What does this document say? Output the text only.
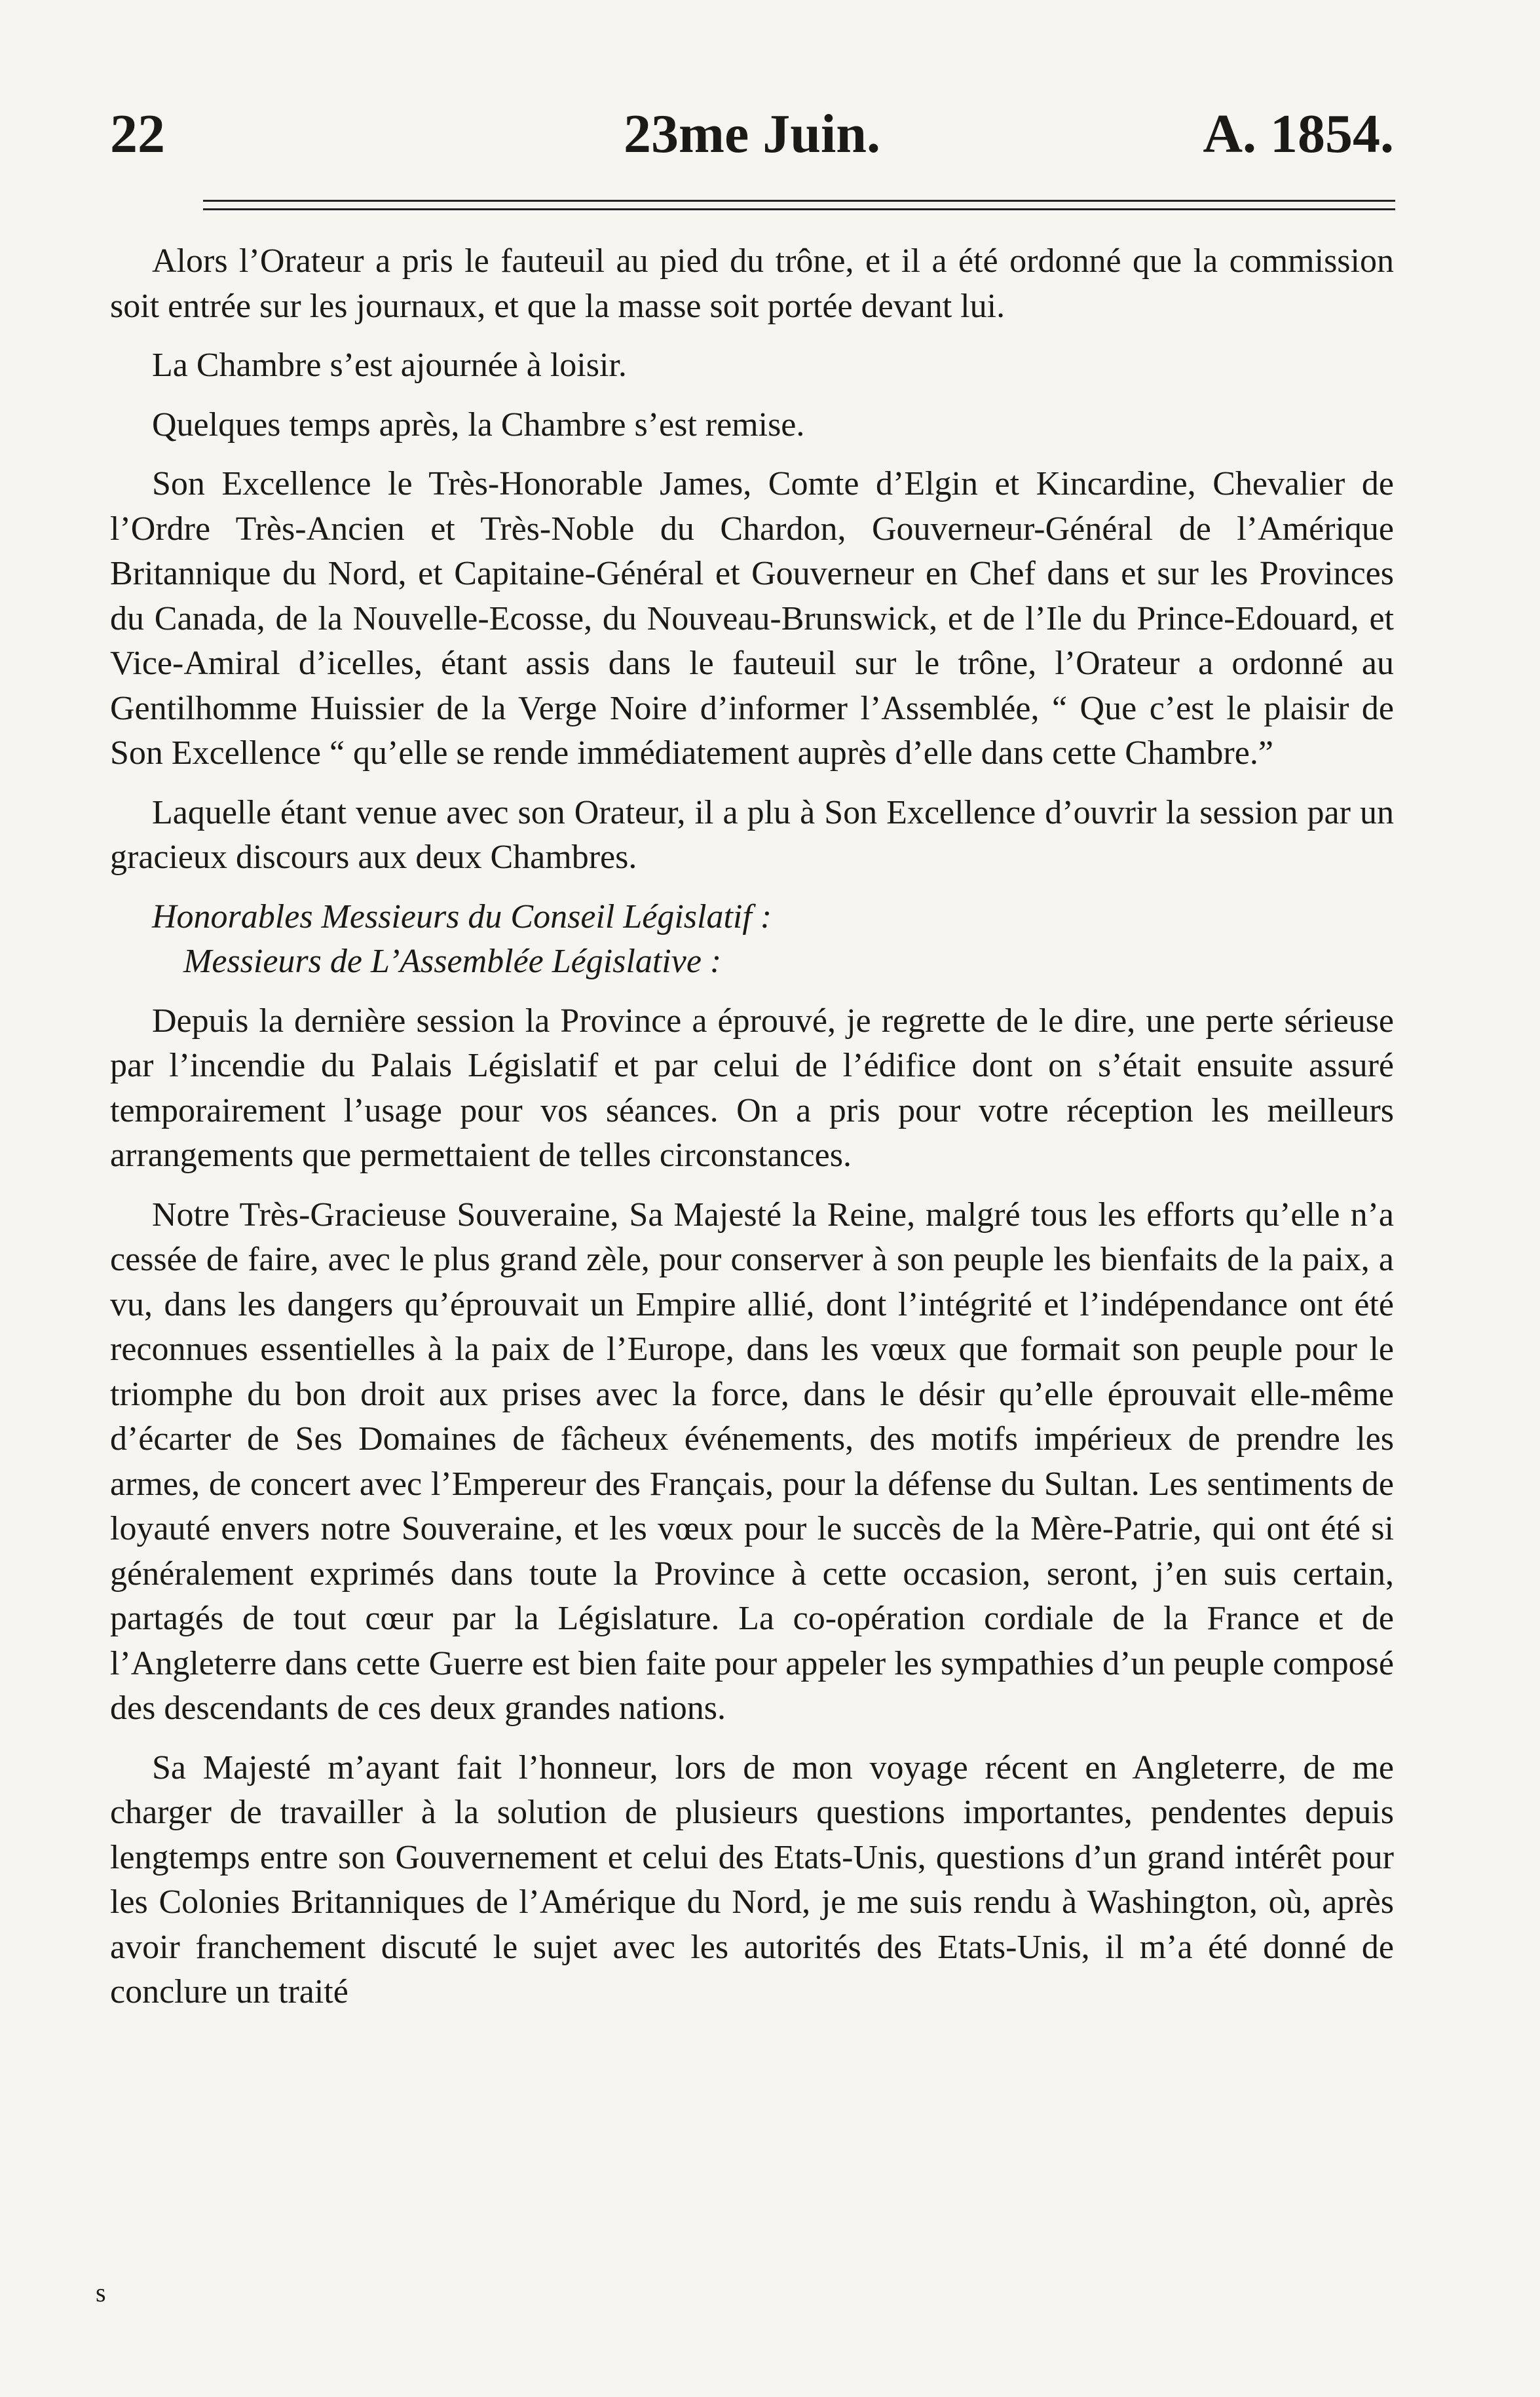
22	23me Juin.	A. 1854.

Alors l’Orateur a pris le fauteuil au pied du trône, et il a été ordonné que la commission soit entrée sur les journaux, et que la masse soit portée devant lui.

La Chambre s’est ajournée à loisir.

Quelques temps après, la Chambre s’est remise.

Son Excellence le Très-Honorable James, Comte d’Elgin et Kincardine, Chevalier de l’Ordre Très-Ancien et Très-Noble du Chardon, Gouverneur-Général de l’Amérique Britannique du Nord, et Capitaine-Général et Gouverneur en Chef dans et sur les Provinces du Canada, de la Nouvelle-Ecosse, du Nouveau-Brunswick, et de l’Ile du Prince-Edouard, et Vice-Amiral d’icelles, étant assis dans le fauteuil sur le trône, l’Orateur a ordonné au Gentilhomme Huissier de la Verge Noire d’informer l’Assemblée, “ Que c’est le plaisir de Son Excellence “ qu’elle se rende immédiatement auprès d’elle dans cette Chambre.”

Laquelle étant venue avec son Orateur, il a plu à Son Excellence d’ouvrir la session par un gracieux discours aux deux Chambres.

Honorables Messieurs du Conseil Législatif :

Messieurs de L’Assemblée Législative :

Depuis la dernière session la Province a éprouvé, je regrette de le dire, une perte sérieuse par l’incendie du Palais Législatif et par celui de l’édifice dont on s’était ensuite assuré temporairement l’usage pour vos séances. On a pris pour votre réception les meilleurs arrangements que permettaient de telles circonstances.

Notre Très-Gracieuse Souveraine, Sa Majesté la Reine, malgré tous les efforts qu’elle n’a cessée de faire, avec le plus grand zèle, pour conserver à son peuple les bienfaits de la paix, a vu, dans les dangers qu’éprouvait un Empire allié, dont l’intégrité et l’indépendance ont été reconnues essentielles à la paix de l’Europe, dans les vœux que formait son peuple pour le triomphe du bon droit aux prises avec la force, dans le désir qu’elle éprouvait elle-même d’écarter de Ses Domaines de fâcheux événements, des motifs impérieux de prendre les armes, de concert avec l’Empereur des Français, pour la défense du Sultan. Les sentiments de loyauté envers notre Souveraine, et les vœux pour le succès de la Mère-Patrie, qui ont été si généralement exprimés dans toute la Province à cette occasion, seront, j’en suis certain, partagés de tout cœur par la Législature. La co-opération cordiale de la France et de l’Angleterre dans cette Guerre est bien faite pour appeler les sympathies d’un peuple composé des descendants de ces deux grandes nations.

Sa Majesté m’ayant fait l’honneur, lors de mon voyage récent en Angleterre, de me charger de travailler à la solution de plusieurs questions importantes, pendentes depuis lengtemps entre son Gouvernement et celui des Etats-Unis, questions d’un grand intérêt pour les Colonies Britanniques de l’Amérique du Nord, je me suis rendu à Washington, où, après avoir franchement discuté le sujet avec les autorités des Etats-Unis, il m’a été donné de conclure un traité

s
